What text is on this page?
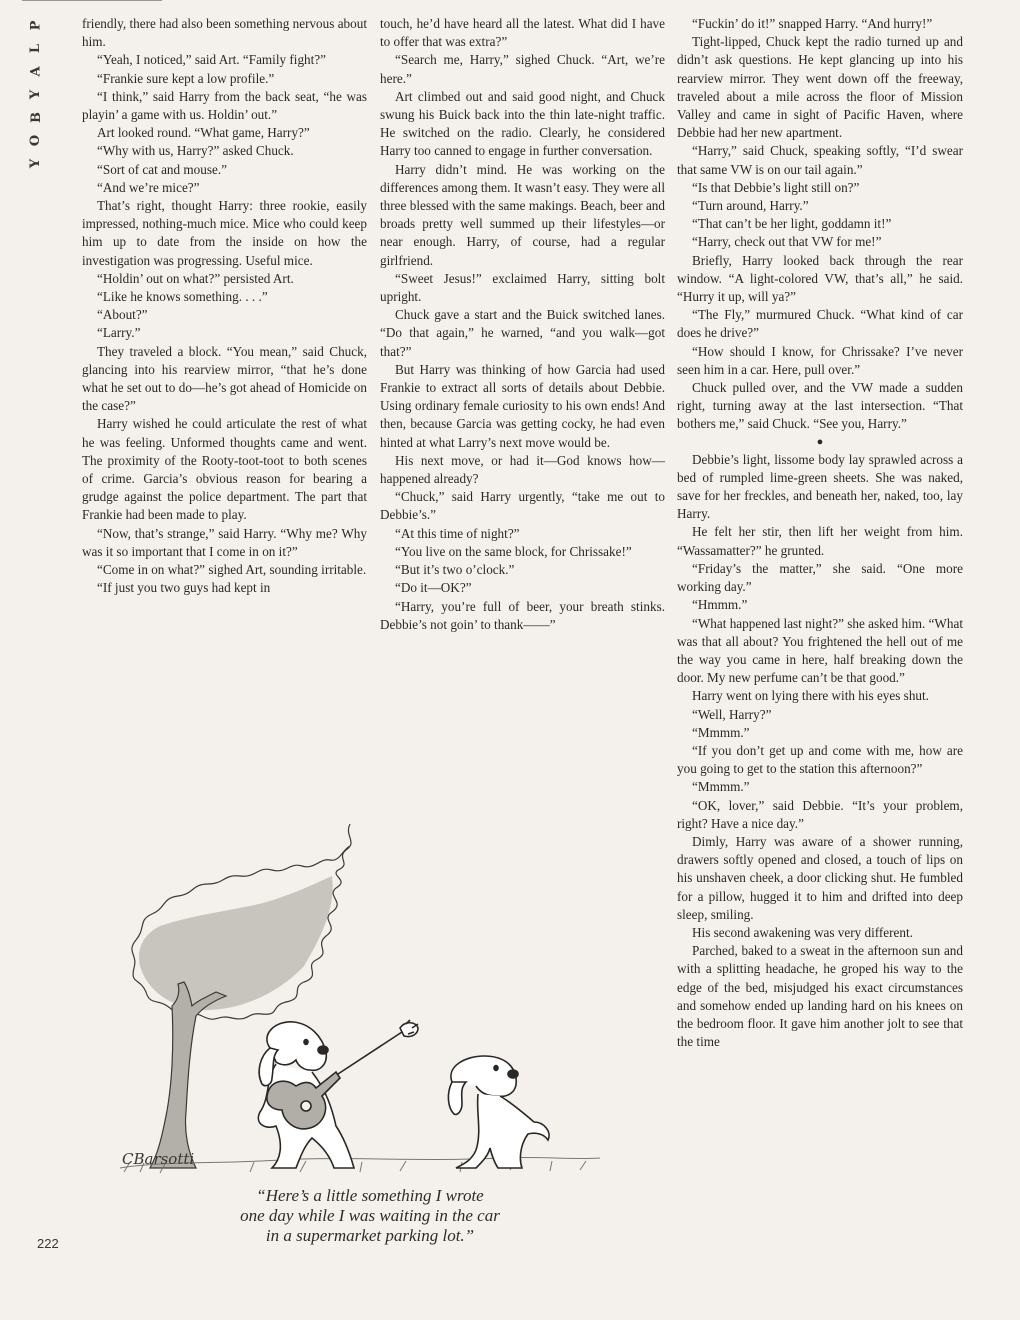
P
L
A
Y
B
O
Y

friendly, there had also been something nervous about him.

“Yeah, I noticed,” said Art. “Family fight?”

“Frankie sure kept a low profile.”

“I think,” said Harry from the back seat, “he was playin’ a game with us. Holdin’ out.”

Art looked round. “What game, Harry?”

“Why with us, Harry?” asked Chuck.

“Sort of cat and mouse.”

“And we’re mice?”

That’s right, thought Harry: three rookie, easily impressed, nothing-much mice. Mice who could keep him up to date from the inside on how the investigation was progressing. Useful mice.

“Holdin’ out on what?” persisted Art.

“Like he knows something. . . .”

“About?”

“Larry.”

They traveled a block. “You mean,” said Chuck, glancing into his rearview mirror, “that he’s done what he set out to do—he’s got ahead of Homicide on the case?”

Harry wished he could articulate the rest of what he was feeling. Unformed thoughts came and went. The proximity of the Rooty-toot-toot to both scenes of crime. Garcia’s obvious reason for bearing a grudge against the police department. The part that Frankie had been made to play.

“Now, that’s strange,” said Harry. “Why me? Why was it so important that I come in on it?”

“Come in on what?” sighed Art, sounding irritable.

“If just you two guys had kept in

touch, he’d have heard all the latest. What did I have to offer that was extra?”

“Search me, Harry,” sighed Chuck. “Art, we’re here.”

Art climbed out and said good night, and Chuck swung his Buick back into the thin late-night traffic. He switched on the radio. Clearly, he considered Harry too canned to engage in further conversation.

Harry didn’t mind. He was working on the differences among them. It wasn’t easy. They were all three blessed with the same makings. Beach, beer and broads pretty well summed up their lifestyles—or near enough. Harry, of course, had a regular girlfriend.

“Sweet Jesus!” exclaimed Harry, sitting bolt upright.

Chuck gave a start and the Buick switched lanes. “Do that again,” he warned, “and you walk—got that?”

But Harry was thinking of how Garcia had used Frankie to extract all sorts of details about Debbie. Using ordinary female curiosity to his own ends! And then, because Garcia was getting cocky, he had even hinted at what Larry’s next move would be.

His next move, or had it—God knows how—happened already?

“Chuck,” said Harry urgently, “take me out to Debbie’s.”

“At this time of night?”

“You live on the same block, for Chrissake!”

“But it’s two o’clock.”

“Do it—OK?”

“Harry, you’re full of beer, your breath stinks. Debbie’s not goin’ to thank——”

“Fuckin’ do it!” snapped Harry. “And hurry!”

Tight-lipped, Chuck kept the radio turned up and didn’t ask questions. He kept glancing up into his rearview mirror. They went down off the freeway, traveled about a mile across the floor of Mission Valley and came in sight of Pacific Haven, where Debbie had her new apartment.

“Harry,” said Chuck, speaking softly, “I’d swear that same VW is on our tail again.”

“Is that Debbie’s light still on?”

“Turn around, Harry.”

“That can’t be her light, goddamn it!”

“Harry, check out that VW for me!”

Briefly, Harry looked back through the rear window. “A light-colored VW, that’s all,” he said. “Hurry it up, will ya?”

“The Fly,” murmured Chuck. “What kind of car does he drive?”

“How should I know, for Chrissake? I’ve never seen him in a car. Here, pull over.”

Chuck pulled over, and the VW made a sudden right, turning away at the last intersection. “That bothers me,” said Chuck. “See you, Harry.”

●

Debbie’s light, lissome body lay sprawled across a bed of rumpled lime-green sheets. She was naked, save for her freckles, and beneath her, naked, too, lay Harry.

He felt her stir, then lift her weight from him. “Wassamatter?” he grunted.

“Friday’s the matter,” she said. “One more working day.”

“Hmmm.”

“What happened last night?” she asked him. “What was that all about? You frightened the hell out of me the way you came in here, half breaking down the door. My new perfume can’t be that good.”

Harry went on lying there with his eyes shut.

“Well, Harry?”

“Mmmm.”

“If you don’t get up and come with me, how are you going to get to the station this afternoon?”

“Mmmm.”

“OK, lover,” said Debbie. “It’s your problem, right? Have a nice day.”

Dimly, Harry was aware of a shower running, drawers softly opened and closed, a touch of lips on his unshaven cheek, a door clicking shut. He fumbled for a pillow, hugged it to him and drifted into deep sleep, smiling.

His second awakening was very different.

Parched, baked to a sweat in the afternoon sun and with a splitting headache, he groped his way to the edge of the bed, misjudged his exact circumstances and somehow ended up landing hard on his knees on the bedroom floor. It gave him another jolt to see that the time

CBarsotti
“Here’s a little something I wrote
one day while I was waiting in the car
in a supermarket parking lot.”
222
